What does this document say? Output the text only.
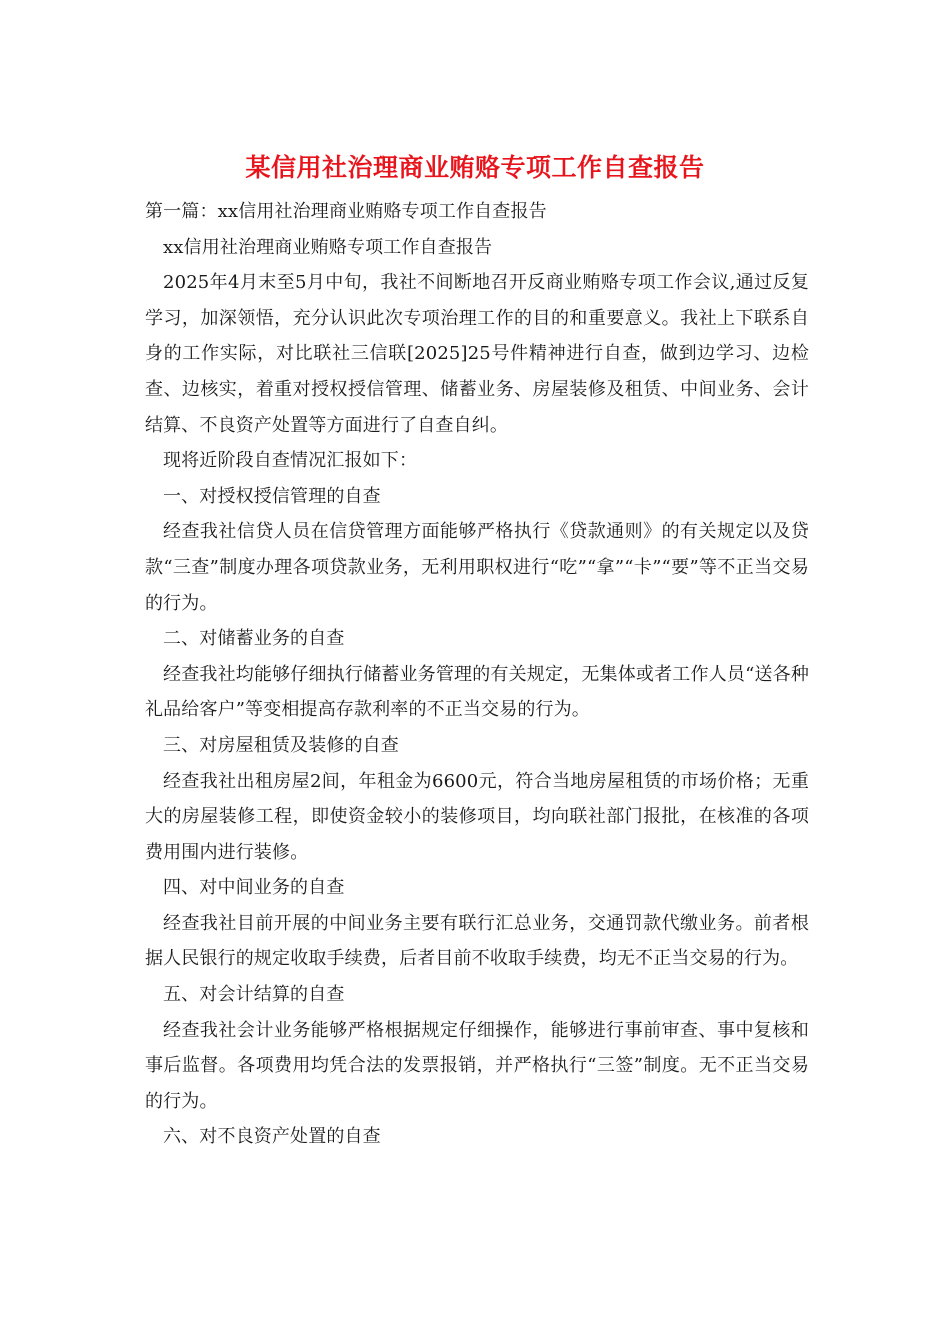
某信用社治理商业贿赂专项工作自查报告

第一篇：xx信用社治理商业贿赂专项工作自查报告

xx信用社治理商业贿赂专项工作自查报告

2025年4月末至5月中旬，我社不间断地召开反商业贿赂专项工作会议,通过反复学习，加深领悟，充分认识此次专项治理工作的目的和重要意义。我社上下联系自身的工作实际，对比联社三信联[2025]25号件精神进行自查，做到边学习、边检查、边核实，着重对授权授信管理、储蓄业务、房屋装修及租赁、中间业务、会计结算、不良资产处置等方面进行了自查自纠。

现将近阶段自查情况汇报如下：

一、对授权授信管理的自查

经查我社信贷人员在信贷管理方面能够严格执行《贷款通则》的有关规定以及贷款“三查”制度办理各项贷款业务，无利用职权进行“吃”“拿”“卡”“要”等不正当交易的行为。

二、对储蓄业务的自查

经查我社均能够仔细执行储蓄业务管理的有关规定，无集体或者工作人员“送各种礼品给客户”等变相提高存款利率的不正当交易的行为。

三、对房屋租赁及装修的自查

经查我社出租房屋2间，年租金为6600元，符合当地房屋租赁的市场价格；无重大的房屋装修工程，即使资金较小的装修项目，均向联社部门报批，在核准的各项费用围内进行装修。

四、对中间业务的自查

经查我社目前开展的中间业务主要有联行汇总业务，交通罚款代缴业务。前者根据人民银行的规定收取手续费，后者目前不收取手续费，均无不正当交易的行为。

五、对会计结算的自查

经查我社会计业务能够严格根据规定仔细操作，能够进行事前审查、事中复核和事后监督。各项费用均凭合法的发票报销，并严格执行“三签”制度。无不正当交易的行为。

六、对不良资产处置的自查
